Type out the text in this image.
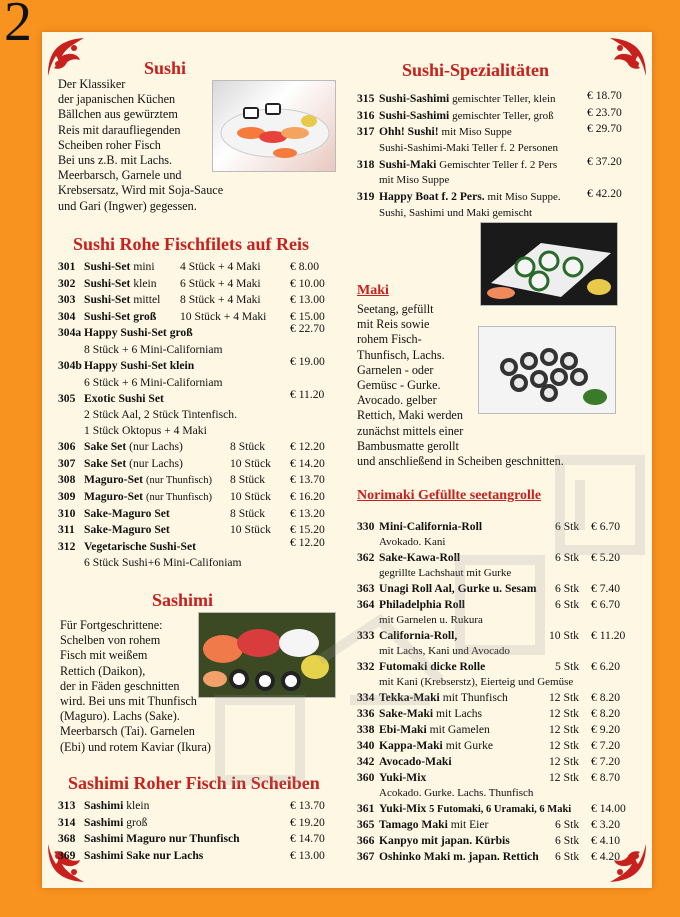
2
Sushi
Der Klassiker
der japanischen Küchen
Bällchen aus gewürztem
Reis mit daraufliegenden
Scheiben roher Fisch
Bei uns z.B. mit Lachs.
Meerbarsch, Garnele und
Krebsersatz, Wird mit Soja-Sauce
und Gari (Ingwer) gegessen.
Sushi Rohe Fischfilets auf Reis
301 Sushi-Set mini 4 Stück + 4 Maki	€ 8.00
302 Sushi-Set klein 6 Stück + 4 Maki	€ 10.00
303 Sushi-Set mittel 8 Stück + 4 Maki	€ 13.00
304 Sushi-Set groß 10 Stück + 4 Maki € 15.00
304a Happy Sushi-Set groß	€ 22.70
8 Stück + 6 Mini-Californiam
304b Happy Sushi-Set klein	€ 19.00
6 Stück + 6 Mini-Californiam
305 Exotic Sushi Set	€ 11.20
2 Stück Aal, 2 Stück Tintenfisch.
1 Stück Oktopus + 4 Maki
306 Sake Set (nur Lachs)	8 Stück € 12.20
307 Sake Set (nur Lachs)	10 Stück € 14.20
308 Maguro-Set (nur Thunfisch) 8 Stück € 13.70
309 Maguro-Set (nur Thunfisch) 10 Stück € 16.20
310 Sake-Maguro Set	8 Stück € 13.20
311 Sake-Maguro Set	10 Stück € 15.20
312 Vegetarische Sushi-Set	€ 12.20
6 Stück Sushi+6 Mini-Califoniam
Sashimi
Für Fortgeschrittene:
Schelben von rohem
Fisch mit weißem
Rettich (Daikon),
der in Fäden geschnitten
wird. Bei uns mit Thunfisch
(Maguro). Lachs (Sake).
Meerbarsch (Tai). Garnelen
(Ebi) und rotem Kaviar (Ikura)
Sashimi Roher Fisch in Scheiben
313 Sashimi klein	€ 13.70
314 Sashimi groß	€ 19.20
368 Sashimi Maguro nur Thunfisch	€ 14.70
369 Sashimi Sake nur Lachs	€ 13.00
Sushi-Spezialitäten
315 Sushi-Sashimi gemischter Teller, klein	€ 18.70
316 Sushi-Sashimi gemischter Teller, groß	€ 23.70
317 Ohh! Sushi! mit Miso Suppe	€ 29.70
Sushi-Sashimi-Maki Teller f. 2 Personen
318 Sushi-Maki Gemischter Teller f. 2 Pers	€ 37.20
mit Miso Suppe
319 Happy Boat f. 2 Pers. mit Miso Suppe. € 42.20
Sushi, Sashimi und Maki gemischt
Maki
Seetang, gefüllt
mit Reis sowie
rohem Fisch-
Thunfisch, Lachs.
Garnelen - oder
Gemüsc - Gurke.
Avocado. gelber
Rettich, Maki werden
zunächst mittels einer
Bambusmatte gerollt
und anschließend in Scheiben geschnitten.
Norimaki Gefüllte seetangrolle
330 Mini-California-Roll	6 Stk € 6.70
Avokado. Kani
362 Sake-Kawa-Roll	6 Stk € 5.20
gegrillte Lachshaut mit Gurke
363 Unagi Roll Aal, Gurke u. Sesam 6 Stk € 7.40
364 Philadelphia Roll	6 Stk € 6.70
mit Garnelen u. Rukura
333 California-Roll,	10 Stk € 11.20
mit Lachs, Kani und Avocado
332 Futomaki dicke Rolle	5 Stk € 6.20
mit Kani (Krebserstz), Eierteig und Gemüse
334 Tekka-Maki mit Thunfisch	12 Stk € 8.20
336 Sake-Maki mit Lachs	12 Stk € 8.20
338 Ebi-Maki mit Gamelen	12 Stk € 9.20
340 Kappa-Maki mit Gurke	12 Stk € 7.20
342 Avocado-Maki	12 Stk € 7.20
360 Yuki-Mix	12 Stk € 8.70
Acokado. Gurke. Lachs. Thunfisch
361 Yuki-Mix 5 Futomaki, 6 Uramaki, 6 Maki € 14.00
365 Tamago Maki mit Eier	6 Stk € 3.20
366 Kanpyo mit japan. Kürbis	6 Stk € 4.10
367 Oshinko Maki m. japan. Rettich 6 Stk € 4.20
